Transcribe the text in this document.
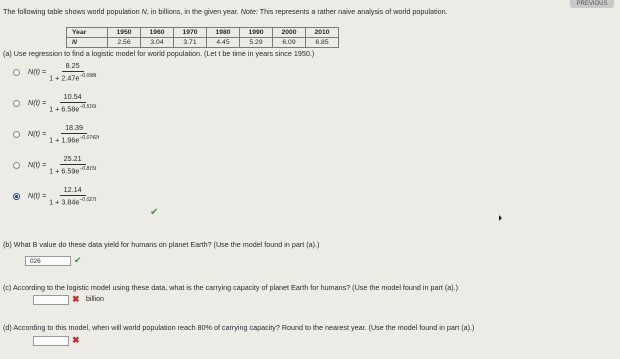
PREVIOUS
The following table shows world population N, in billions, in the given year. Note: This represents a rather naive analysis of world population.
Year	1950	1960	1970	1980	1990	2000	2010
N	2.56	3.04	3.71	4.45	5.29	6.09	6.85
(a) Use regression to find a logistic model for world population. (Let t be time in years since 1950.)
$N(t) = \frac{8.25}{1 + 2.47e^{-0.098t}}$
$N(t) = \frac{10.54}{1 + 6.58e^{-0.516t}}$
$N(t) = \frac{18.39}{1 + 1.96e^{-0.0742t}}$
$N(t) = \frac{25.21}{1 + 6.59e^{-0.815t}}$
$N(t) = \frac{12.14}{1 + 3.84e^{-0.027t}}$
✔
(b) What B value do these data yield for humans on planet Earth? (Use the model found in part (a).)
026	✔
(c) According to the logistic model using these data, what is the carrying capacity of planet Earth for humans? (Use the model found in part (a).)
✖ billion
(d) According to this model, when will world population reach 80% of carrying capacity? Round to the nearest year. (Use the model found in part (a).)
✖
